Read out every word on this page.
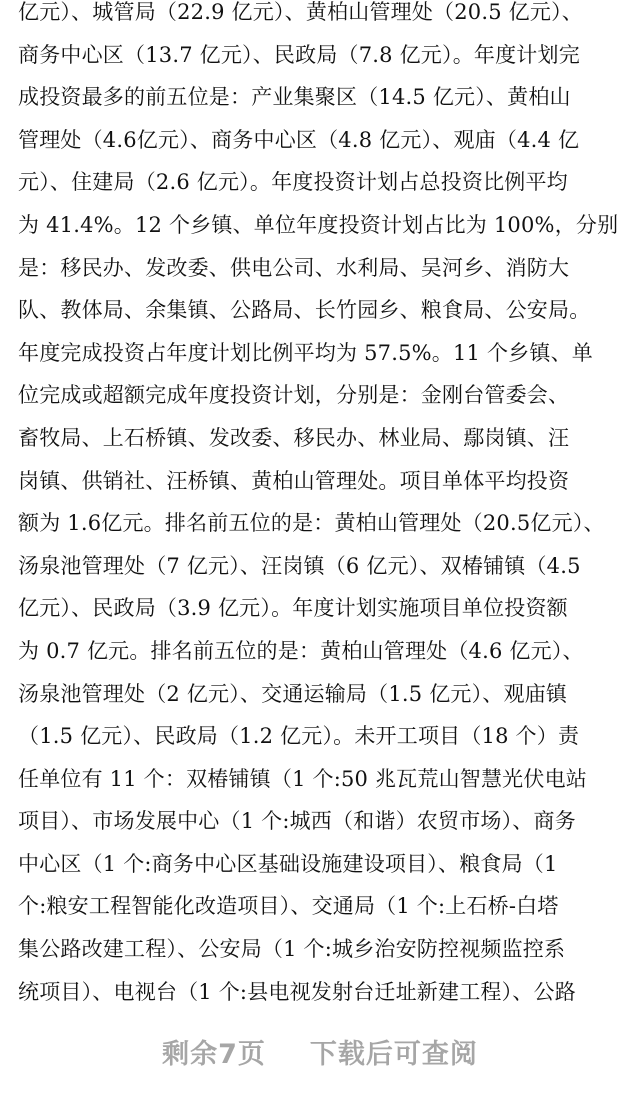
亿元）、城管局（22.9 亿元）、黄柏山管理处（20.5 亿元）、
商务中心区（13.7 亿元）、民政局（7.8 亿元）。年度计划完
成投资最多的前五位是：产业集聚区（14.5 亿元）、黄柏山
管理处（4.6亿元）、商务中心区（4.8 亿元）、观庙（4.4 亿
元）、住建局（2.6 亿元）。年度投资计划占总投资比例平均
为 41.4%。12 个乡镇、单位年度投资计划占比为 100%，分别
是：移民办、发改委、供电公司、水利局、吴河乡、消防大
队、教体局、余集镇、公路局、长竹园乡、粮食局、公安局。
年度完成投资占年度计划比例平均为 57.5%。11 个乡镇、单
位完成或超额完成年度投资计划，分别是：金刚台管委会、
畜牧局、上石桥镇、发改委、移民办、林业局、鄢岗镇、汪
岗镇、供销社、汪桥镇、黄柏山管理处。项目单体平均投资
额为 1.6亿元。排名前五位的是：黄柏山管理处（20.5亿元）、
汤泉池管理处（7 亿元）、汪岗镇（6 亿元）、双椿铺镇（4.5
亿元）、民政局（3.9 亿元）。年度计划实施项目单位投资额
为 0.7 亿元。排名前五位的是：黄柏山管理处（4.6 亿元）、
汤泉池管理处（2 亿元）、交通运输局（1.5 亿元）、观庙镇
（1.5 亿元）、民政局（1.2 亿元）。未开工项目（18 个）责
任单位有 11 个：双椿铺镇（1 个:50 兆瓦荒山智慧光伏电站
项目）、市场发展中心（1 个:城西（和谐）农贸市场）、商务
中心区（1 个:商务中心区基础设施建设项目）、粮食局（1
个:粮安工程智能化改造项目）、交通局（1 个:上石桥-白塔
集公路改建工程）、公安局（1 个:城乡治安防控视频监控系
统项目）、电视台（1 个:县电视发射台迁址新建工程）、公路
剩余7页 下载后可查阅
